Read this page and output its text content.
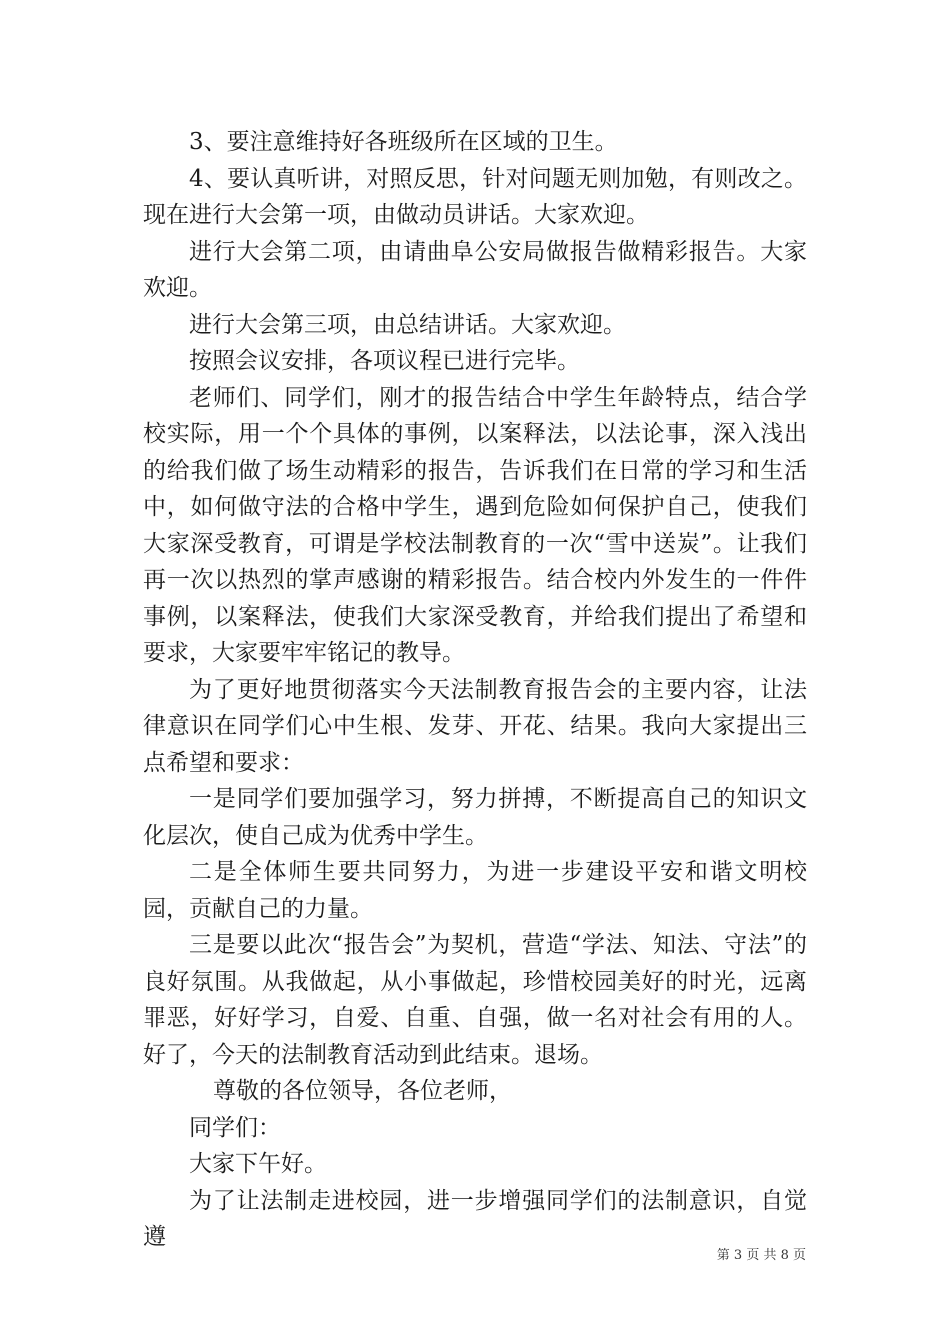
3、要注意维持好各班级所在区域的卫生。

4、要认真听讲，对照反思，针对问题无则加勉，有则改之。现在进行大会第一项，由做动员讲话。大家欢迎。

进行大会第二项，由请曲阜公安局做报告做精彩报告。大家欢迎。

进行大会第三项，由总结讲话。大家欢迎。

按照会议安排，各项议程已进行完毕。

老师们、同学们，刚才的报告结合中学生年龄特点，结合学校实际，用一个个具体的事例，以案释法，以法论事，深入浅出的给我们做了场生动精彩的报告，告诉我们在日常的学习和生活中，如何做守法的合格中学生，遇到危险如何保护自己，使我们大家深受教育，可谓是学校法制教育的一次“雪中送炭”。让我们再一次以热烈的掌声感谢的精彩报告。结合校内外发生的一件件事例，以案释法，使我们大家深受教育，并给我们提出了希望和要求，大家要牢牢铭记的教导。

为了更好地贯彻落实今天法制教育报告会的主要内容，让法律意识在同学们心中生根、发芽、开花、结果。我向大家提出三点希望和要求：

一是同学们要加强学习，努力拼搏，不断提高自己的知识文化层次，使自己成为优秀中学生。

二是全体师生要共同努力，为进一步建设平安和谐文明校园，贡献自己的力量。

三是要以此次“报告会”为契机，营造“学法、知法、守法”的良好氛围。从我做起，从小事做起，珍惜校园美好的时光，远离罪恶，好好学习，自爱、自重、自强，做一名对社会有用的人。好了，今天的法制教育活动到此结束。退场。

尊敬的各位领导，各位老师，

同学们：

大家下午好。

为了让法制走进校园，进一步增强同学们的法制意识，自觉遵

第 3 页 共 8 页
